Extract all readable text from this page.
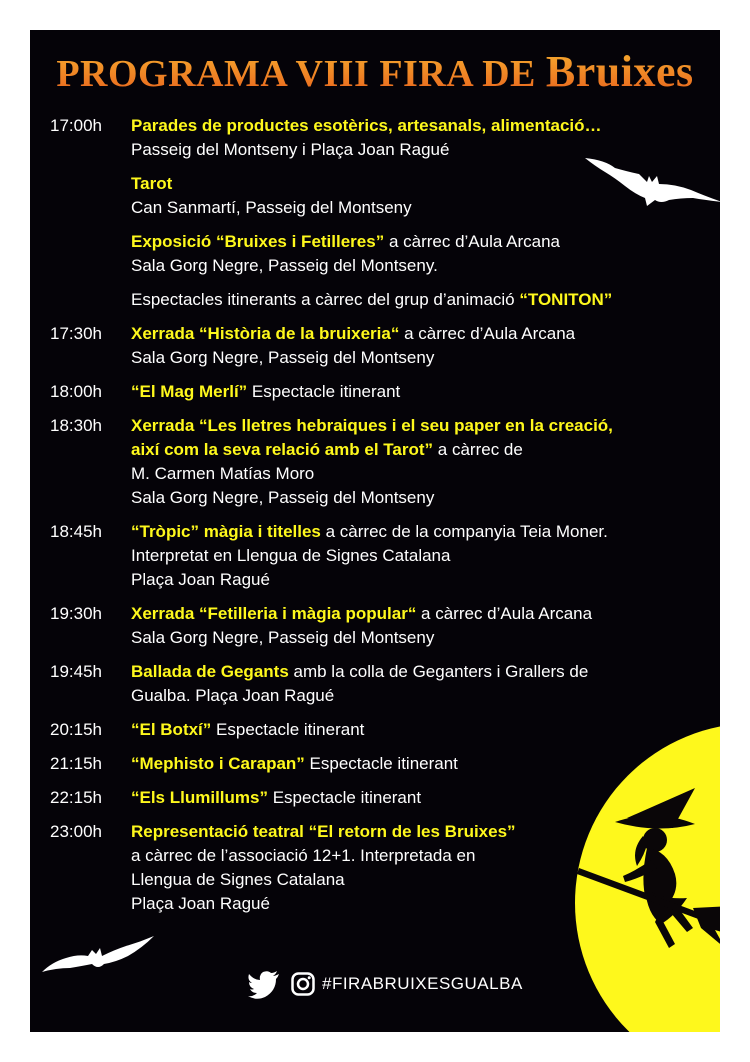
PROGRAMA VIII FIRA DE Bruixes
17:00h	Parades de productes esotèrics, artesanals, alimentació…
Passeig del Montseny i Plaça Joan Ragué
Tarot
Can Sanmartí, Passeig del Montseny
Exposició “Bruixes i Fetilleres” a càrrec d’Aula Arcana
Sala Gorg Negre, Passeig del Montseny.
Espectacles itinerants a càrrec del grup d’animació “TONITON”
17:30h	Xerrada “Història de la bruixeria“ a càrrec d’Aula Arcana
Sala Gorg Negre, Passeig del Montseny
18:00h	“El Mag Merlí” Espectacle itinerant
18:30h	Xerrada “Les lletres hebraiques i el seu paper en la creació,
així com la seva relació amb el Tarot” a càrrec de
M. Carmen Matías Moro
Sala Gorg Negre, Passeig del Montseny
18:45h	“Tròpic” màgia i titelles a càrrec de la companyia Teia Moner.
Interpretat en Llengua de Signes Catalana
Plaça Joan Ragué
19:30h	Xerrada “Fetilleria i màgia popular“ a càrrec d’Aula Arcana
Sala Gorg Negre, Passeig del Montseny
19:45h	Ballada de Gegants amb la colla de Geganters i Grallers de
Gualba. Plaça Joan Ragué
20:15h	“El Botxí” Espectacle itinerant
21:15h	“Mephisto i Carapan” Espectacle itinerant
22:15h	“Els Llumillums” Espectacle itinerant
23:00h	Representació teatral “El retorn de les Bruixes”
a càrrec de l’associació 12+1. Interpretada en
Llengua de Signes Catalana
Plaça Joan Ragué
#FIRABRUIXESGUALBA
